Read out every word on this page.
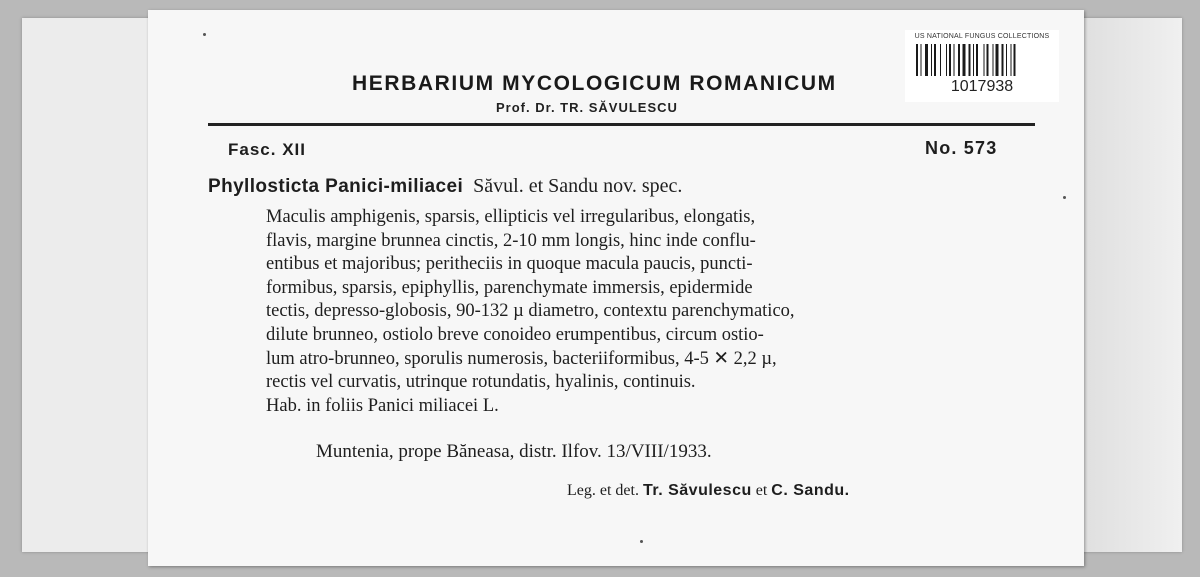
US NATIONAL FUNGUS COLLECTIONS
1017938
HERBARIUM MYCOLOGICUM ROMANICUM
Prof. Dr. TR. SĂVULESCU
Fasc. XII	No. 573
Phyllosticta Panici-miliacei Săvul. et Sandu nov. spec.
Maculis amphigenis, sparsis, ellipticis vel irregularibus, elongatis,
flavis, margine brunnea cinctis, 2-10 mm longis, hinc inde conflu-
entibus et majoribus; peritheciis in quoque macula paucis, puncti-
formibus, sparsis, epiphyllis, parenchymate immersis, epidermide
tectis, depresso-globosis, 90-132 µ diametro, contextu parenchymatico,
dilute brunneo, ostiolo breve conoideo erumpentibus, circum ostio-
lum atro-brunneo, sporulis numerosis, bacteriiformibus, 4-5 ✕ 2,2 µ,
rectis vel curvatis, utrinque rotundatis, hyalinis, continuis.
Hab. in foliis Panici miliacei L.
Muntenia, prope Băneasa, distr. Ilfov. 13/VIII/1933.
Leg. et det. Tr. Săvulescu et C. Sandu.
